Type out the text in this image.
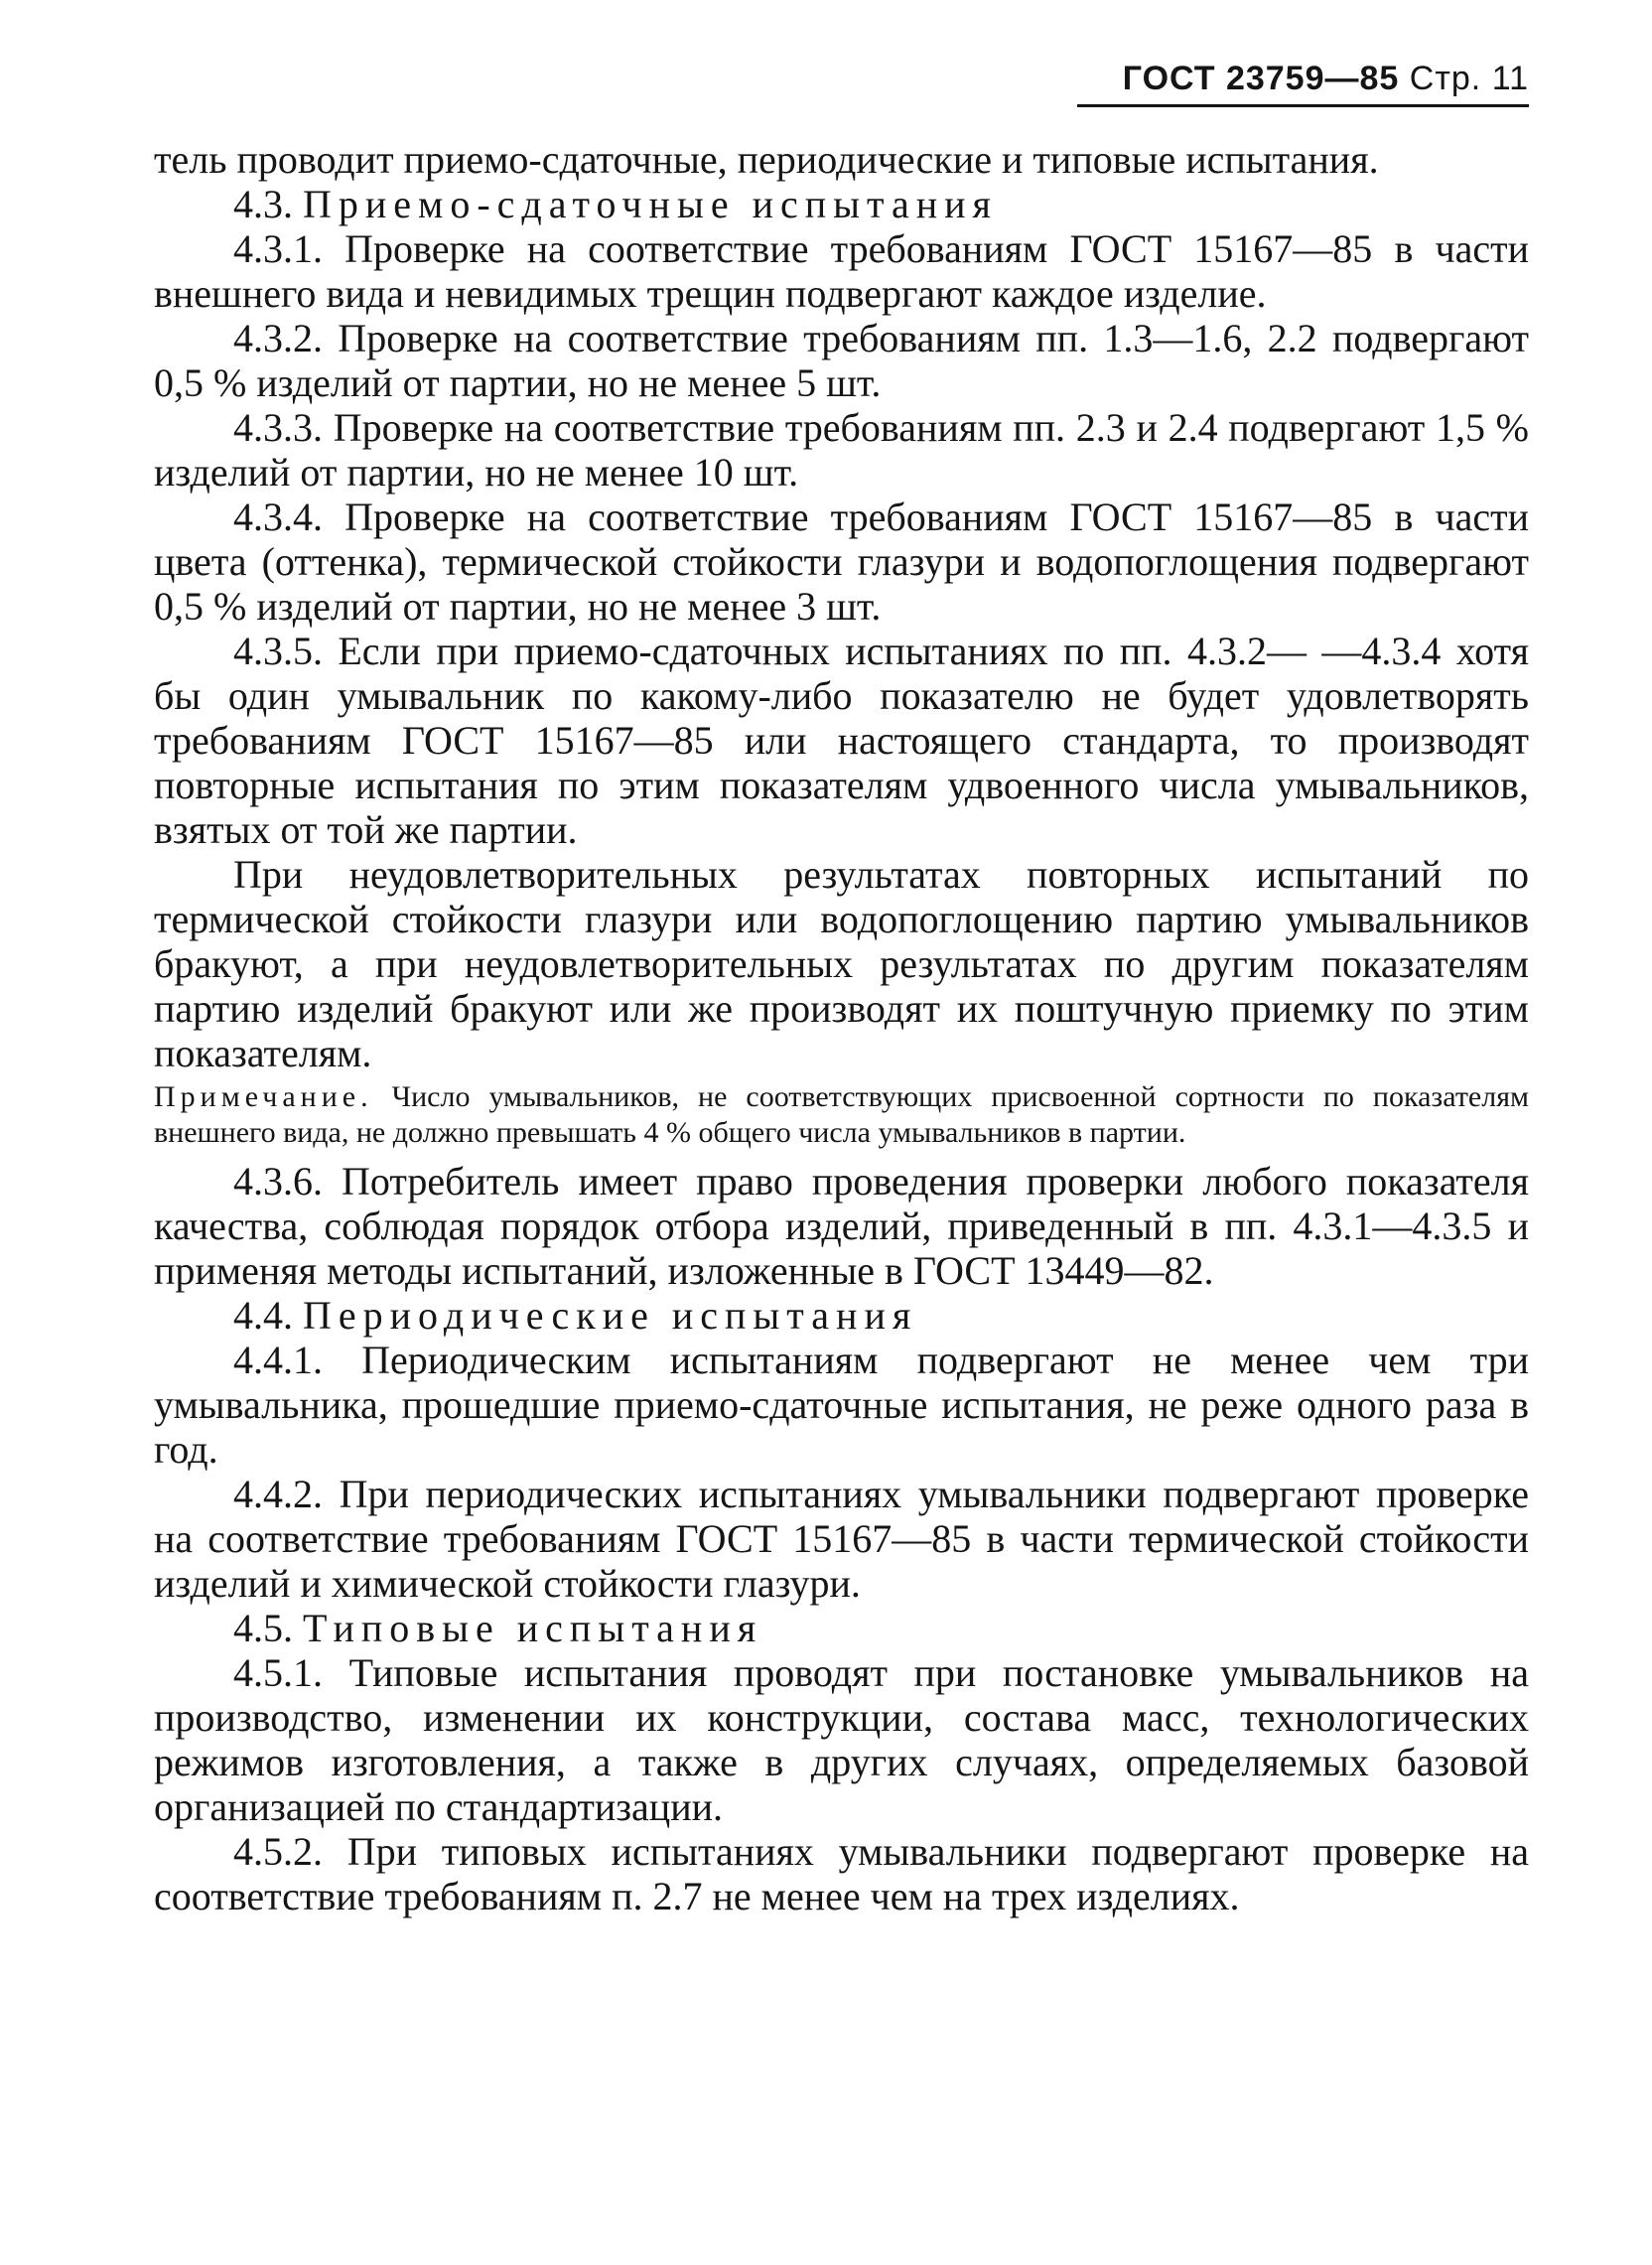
ГОСТ 23759—85 Стр. 11

тель проводит приемо-сдаточные, периодические и типовые испытания.

4.3. Приемо-сдаточные испытания

4.3.1. Проверке на соответствие требованиям ГОСТ 15167—85 в части внешнего вида и невидимых трещин подвергают каждое изделие.

4.3.2. Проверке на соответствие требованиям пп. 1.3—1.6, 2.2 подвергают 0,5 % изделий от партии, но не менее 5 шт.

4.3.3. Проверке на соответствие требованиям пп. 2.3 и 2.4 подвергают 1,5 % изделий от партии, но не менее 10 шт.

4.3.4. Проверке на соответствие требованиям ГОСТ 15167—85 в части цвета (оттенка), термической стойкости глазури и водопоглощения подвергают 0,5 % изделий от партии, но не менее 3 шт.

4.3.5. Если при приемо-сдаточных испытаниях по пп. 4.3.2— —4.3.4 хотя бы один умывальник по какому-либо показателю не будет удовлетворять требованиям ГОСТ 15167—85 или настоящего стандарта, то производят повторные испытания по этим показателям удвоенного числа умывальников, взятых от той же партии.

При неудовлетворительных результатах повторных испытаний по термической стойкости глазури или водопоглощению партию умывальников бракуют, а при неудовлетворительных результатах по другим показателям партию изделий бракуют или же производят их поштучную приемку по этим показателям.

Примечание. Число умывальников, не соответствующих присвоенной сортности по показателям внешнего вида, не должно превышать 4 % общего числа умывальников в партии.

4.3.6. Потребитель имеет право проведения проверки любого показателя качества, соблюдая порядок отбора изделий, приведенный в пп. 4.3.1—4.3.5 и применяя методы испытаний, изложенные в ГОСТ 13449—82.

4.4. Периодические испытания

4.4.1. Периодическим испытаниям подвергают не менее чем три умывальника, прошедшие приемо-сдаточные испытания, не реже одного раза в год.

4.4.2. При периодических испытаниях умывальники подвергают проверке на соответствие требованиям ГОСТ 15167—85 в части термической стойкости изделий и химической стойкости глазури.

4.5. Типовые испытания

4.5.1. Типовые испытания проводят при постановке умывальников на производство, изменении их конструкции, состава масс, технологических режимов изготовления, а также в других случаях, определяемых базовой организацией по стандартизации.

4.5.2. При типовых испытаниях умывальники подвергают проверке на соответствие требованиям п. 2.7 не менее чем на трех изделиях.
